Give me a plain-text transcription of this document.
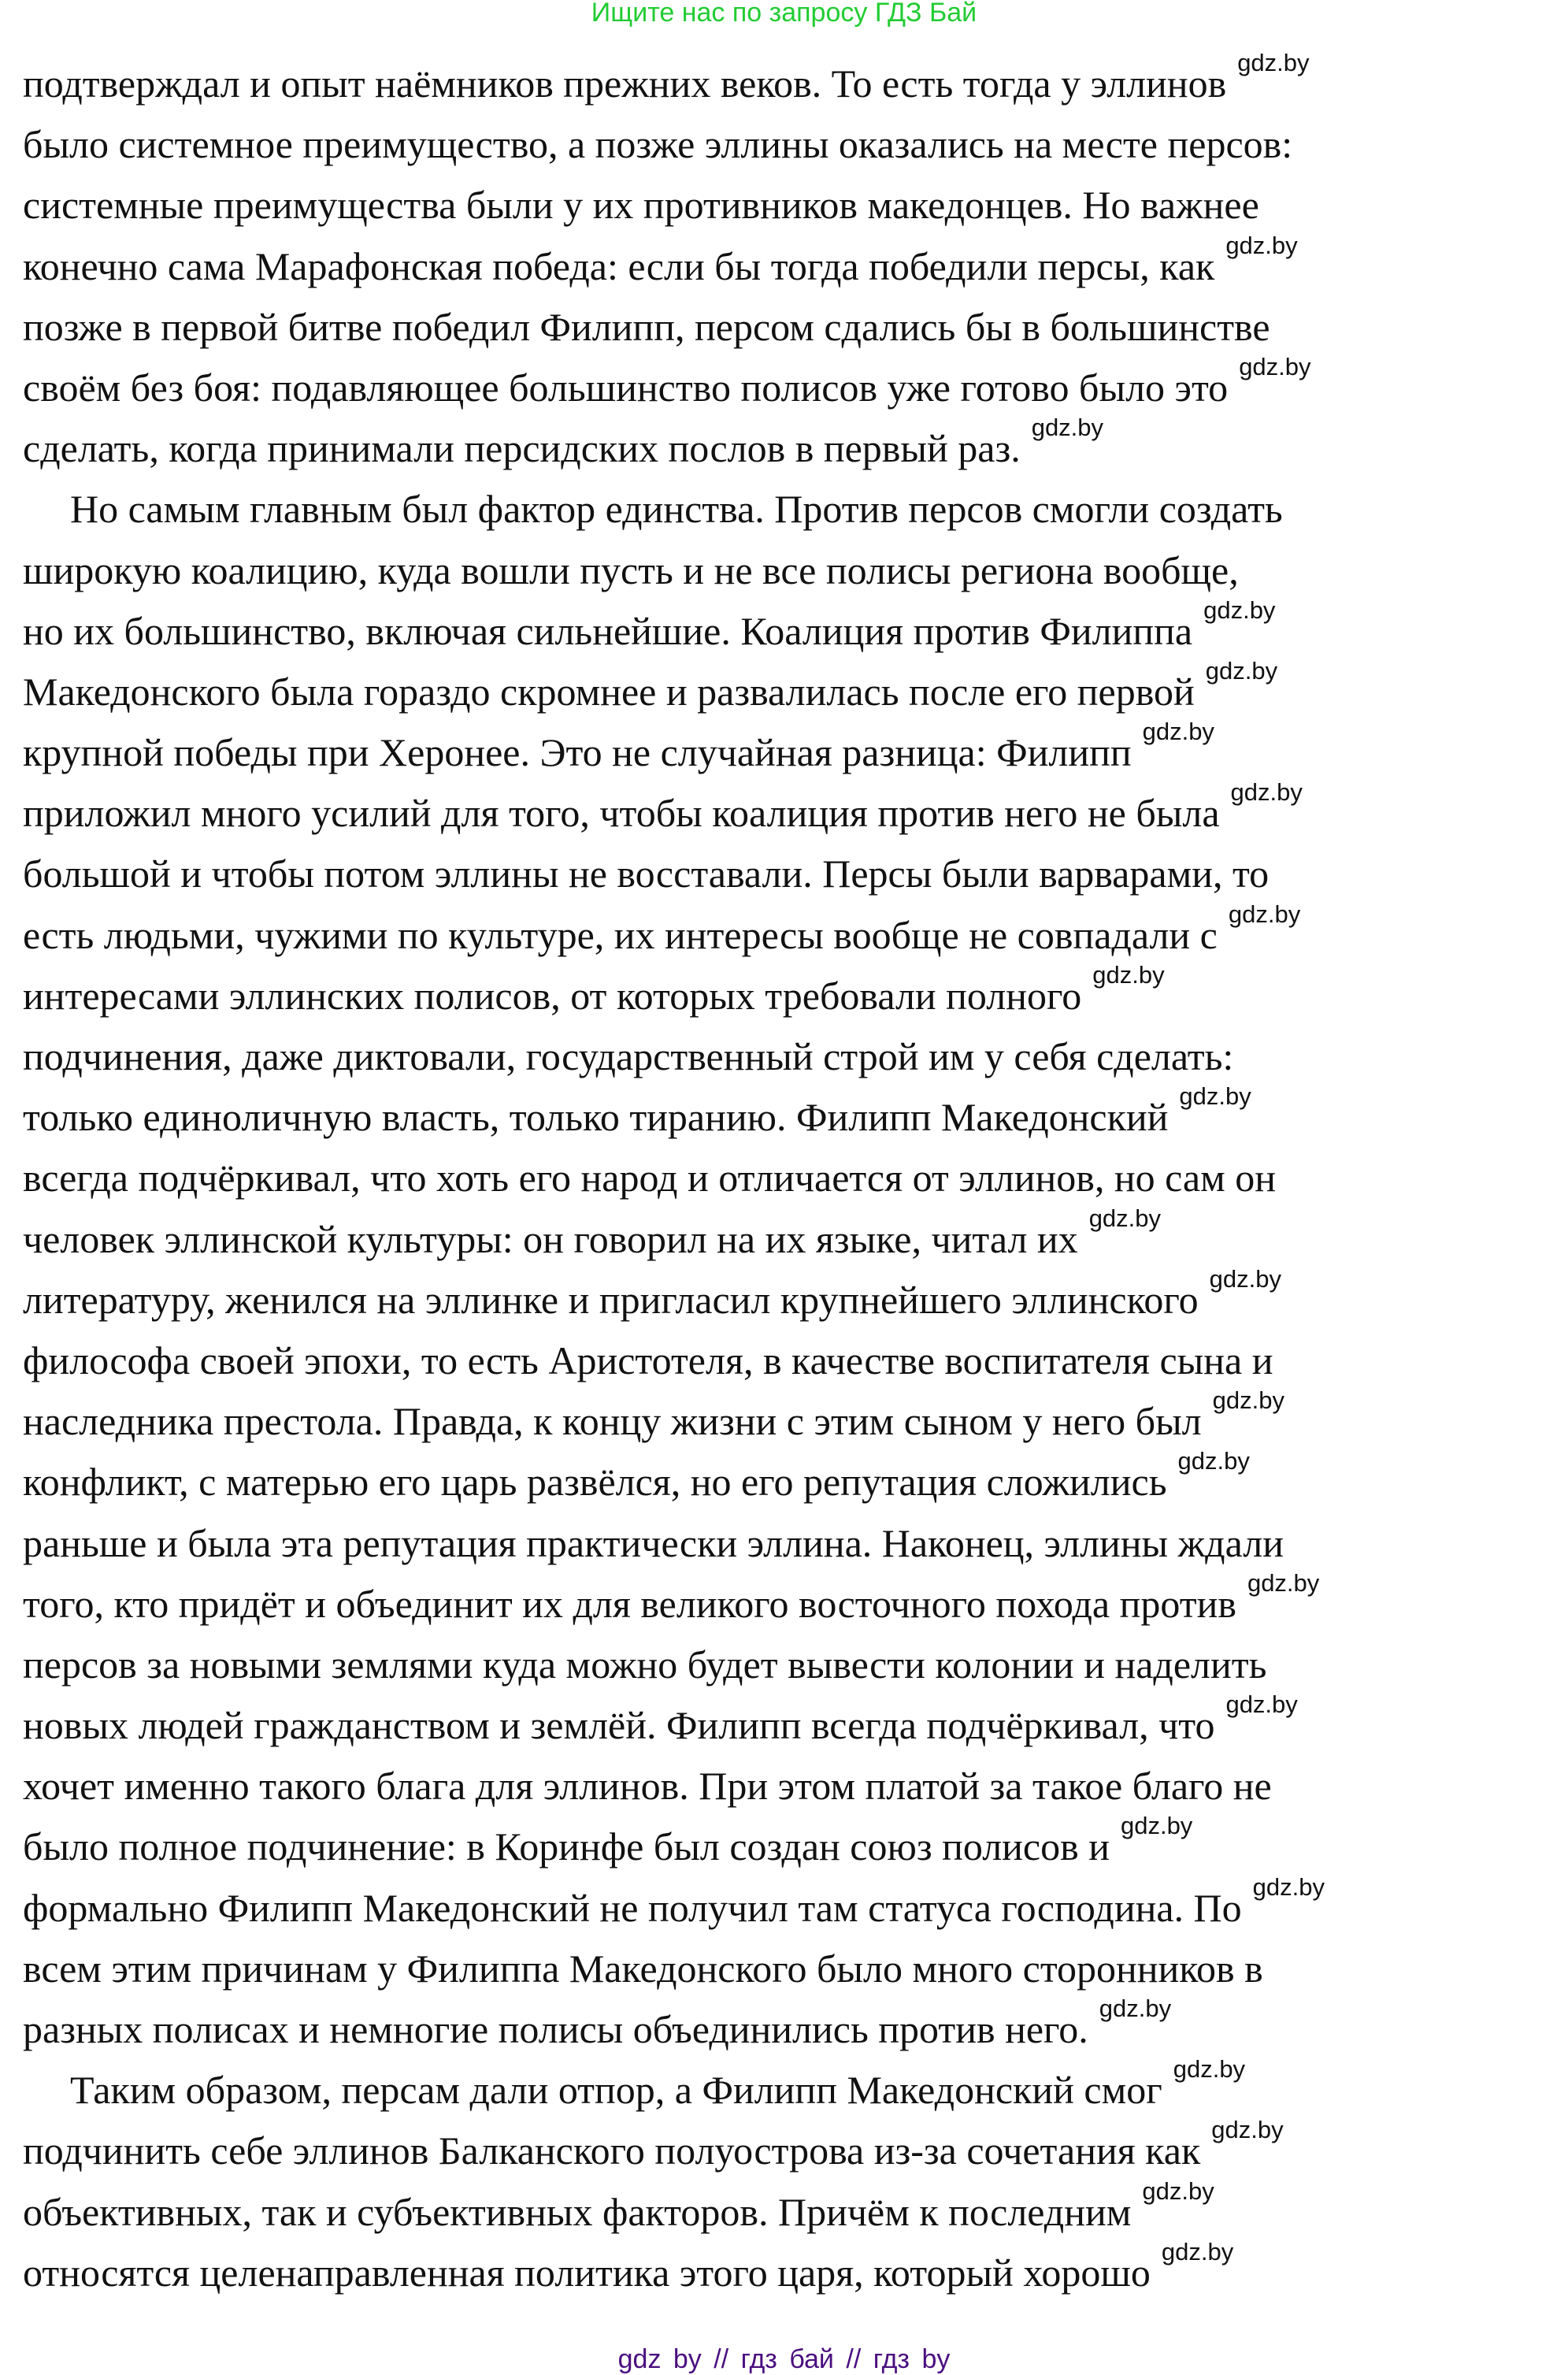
Ищите нас по запросу ГДЗ Бай
подтверждал и опыт наёмников прежних веков. То есть тогда у эллинов gdz.by
было системное преимущество, а позже эллины оказались на месте персов:
системные преимущества были у их противников македонцев. Но важнее
конечно сама Марафонская победа: если бы тогда победили персы, как gdz.by
позже в первой битве победил Филипп, персом сдались бы в большинстве
своём без боя: подавляющее большинство полисов уже готово было это gdz.by
сделать, когда принимали персидских послов в первый раз. gdz.by
Но самым главным был фактор единства. Против персов смогли создать
широкую коалицию, куда вошли пусть и не все полисы региона вообще,
но их большинство, включая сильнейшие. Коалиция против Филиппа gdz.by
Македонского была гораздо скромнее и развалилась после его первой gdz.by
крупной победы при Херонее. Это не случайная разница: Филипп gdz.by
приложил много усилий для того, чтобы коалиция против него не была gdz.by
большой и чтобы потом эллины не восставали. Персы были варварами, то
есть людьми, чужими по культуре, их интересы вообще не совпадали с gdz.by
интересами эллинских полисов, от которых требовали полного gdz.by
подчинения, даже диктовали, государственный строй им у себя сделать:
только единоличную власть, только тиранию. Филипп Македонский gdz.by
всегда подчёркивал, что хоть его народ и отличается от эллинов, но сам он
человек эллинской культуры: он говорил на их языке, читал их gdz.by
литературу, женился на эллинке и пригласил крупнейшего эллинского gdz.by
философа своей эпохи, то есть Аристотеля, в качестве воспитателя сына и
наследника престола. Правда, к концу жизни с этим сыном у него был gdz.by
конфликт, с матерью его царь развёлся, но его репутация сложились gdz.by
раньше и была эта репутация практически эллина. Наконец, эллины ждали
того, кто придёт и объединит их для великого восточного похода против gdz.by
персов за новыми землями куда можно будет вывести колонии и наделить
новых людей гражданством и землёй. Филипп всегда подчёркивал, что gdz.by
хочет именно такого блага для эллинов. При этом платой за такое благо не
было полное подчинение: в Коринфе был создан союз полисов и gdz.by
формально Филипп Македонский не получил там статуса господина. По gdz.by
всем этим причинам у Филиппа Македонского было много сторонников в
разных полисах и немногие полисы объединились против него. gdz.by
Таким образом, персам дали отпор, а Филипп Македонский смог gdz.by
подчинить себе эллинов Балканского полуострова из-за сочетания как gdz.by
объективных, так и субъективных факторов. Причём к последним gdz.by
относятся целенаправленная политика этого царя, который хорошо gdz.by
gdz by // гдз бай // гдз by
